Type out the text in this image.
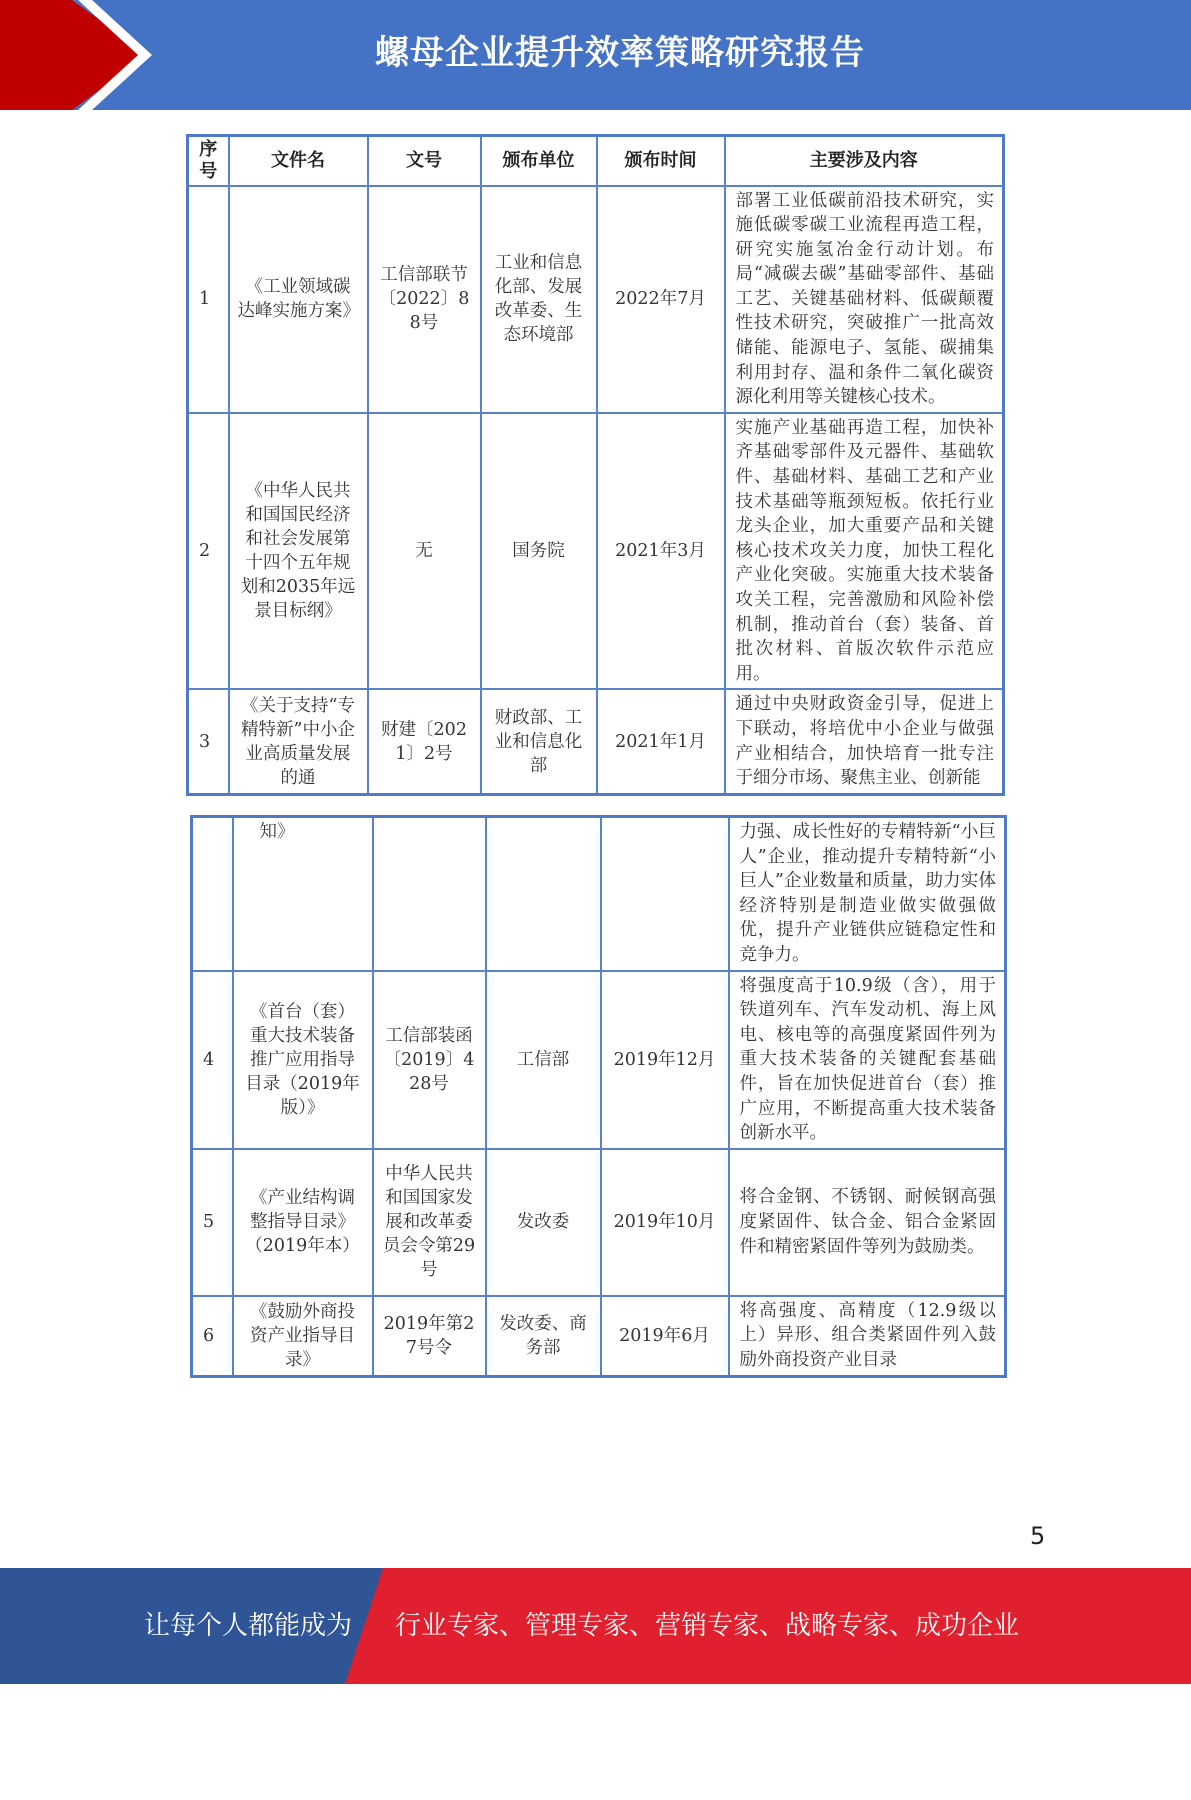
螺母企业提升效率策略研究报告
序号	文件名	文号	颁布单位	颁布时间	主要涉及内容
1	《工业领域碳达峰实施方案》	工信部联节〔2022〕88号	工业和信息化部、发展改革委、生态环境部	2022年7月	部署工业低碳前沿技术研究，实施低碳零碳工业流程再造工程，研究实施氢冶金行动计划。布局“减碳去碳”基础零部件、基础工艺、关键基础材料、低碳颠覆性技术研究，突破推广一批高效储能、能源电子、氢能、碳捕集利用封存、温和条件二氧化碳资源化利用等关键核心技术。
2	《中华人民共和国国民经济和社会发展第十四个五年规划和2035年远景目标纲》	无	国务院	2021年3月	实施产业基础再造工程，加快补齐基础零部件及元器件、基础软件、基础材料、基础工艺和产业技术基础等瓶颈短板。依托行业龙头企业，加大重要产品和关键核心技术攻关力度，加快工程化产业化突破。实施重大技术装备攻关工程，完善激励和风险补偿机制，推动首台（套）装备、首批次材料、首版次软件示范应用。
3	《关于支持“专精特新”中小企业高质量发展的通	财建〔2021〕2号	财政部、工业和信息化部	2021年1月	通过中央财政资金引导，促进上下联动，将培优中小企业与做强产业相结合，加快培育一批专注于细分市场、聚焦主业、创新能
	知》				力强、成长性好的专精特新“小巨人”企业，推动提升专精特新“小巨人”企业数量和质量，助力实体经济特别是制造业做实做强做优，提升产业链供应链稳定性和竞争力。
4	《首台（套）重大技术装备推广应用指导目录（2019年版）》	工信部装函〔2019〕428号	工信部	2019年12月	将强度高于10.9级（含），用于铁道列车、汽车发动机、海上风电、核电等的高强度紧固件列为重大技术装备的关键配套基础件，旨在加快促进首台（套）推广应用，不断提高重大技术装备创新水平。
5	《产业结构调整指导目录》（2019年本）	中华人民共和国国家发展和改革委员会令第29号	发改委	2019年10月	将合金钢、不锈钢、耐候钢高强度紧固件、钛合金、铝合金紧固件和精密紧固件等列为鼓励类。
6	《鼓励外商投资产业指导目录》	2019年第27号令	发改委、商务部	2019年6月	将高强度、高精度（12.9级以上）异形、组合类紧固件列入鼓励外商投资产业目录
5
让每个人都能成为	行业专家、管理专家、营销专家、战略专家、成功企业家……
